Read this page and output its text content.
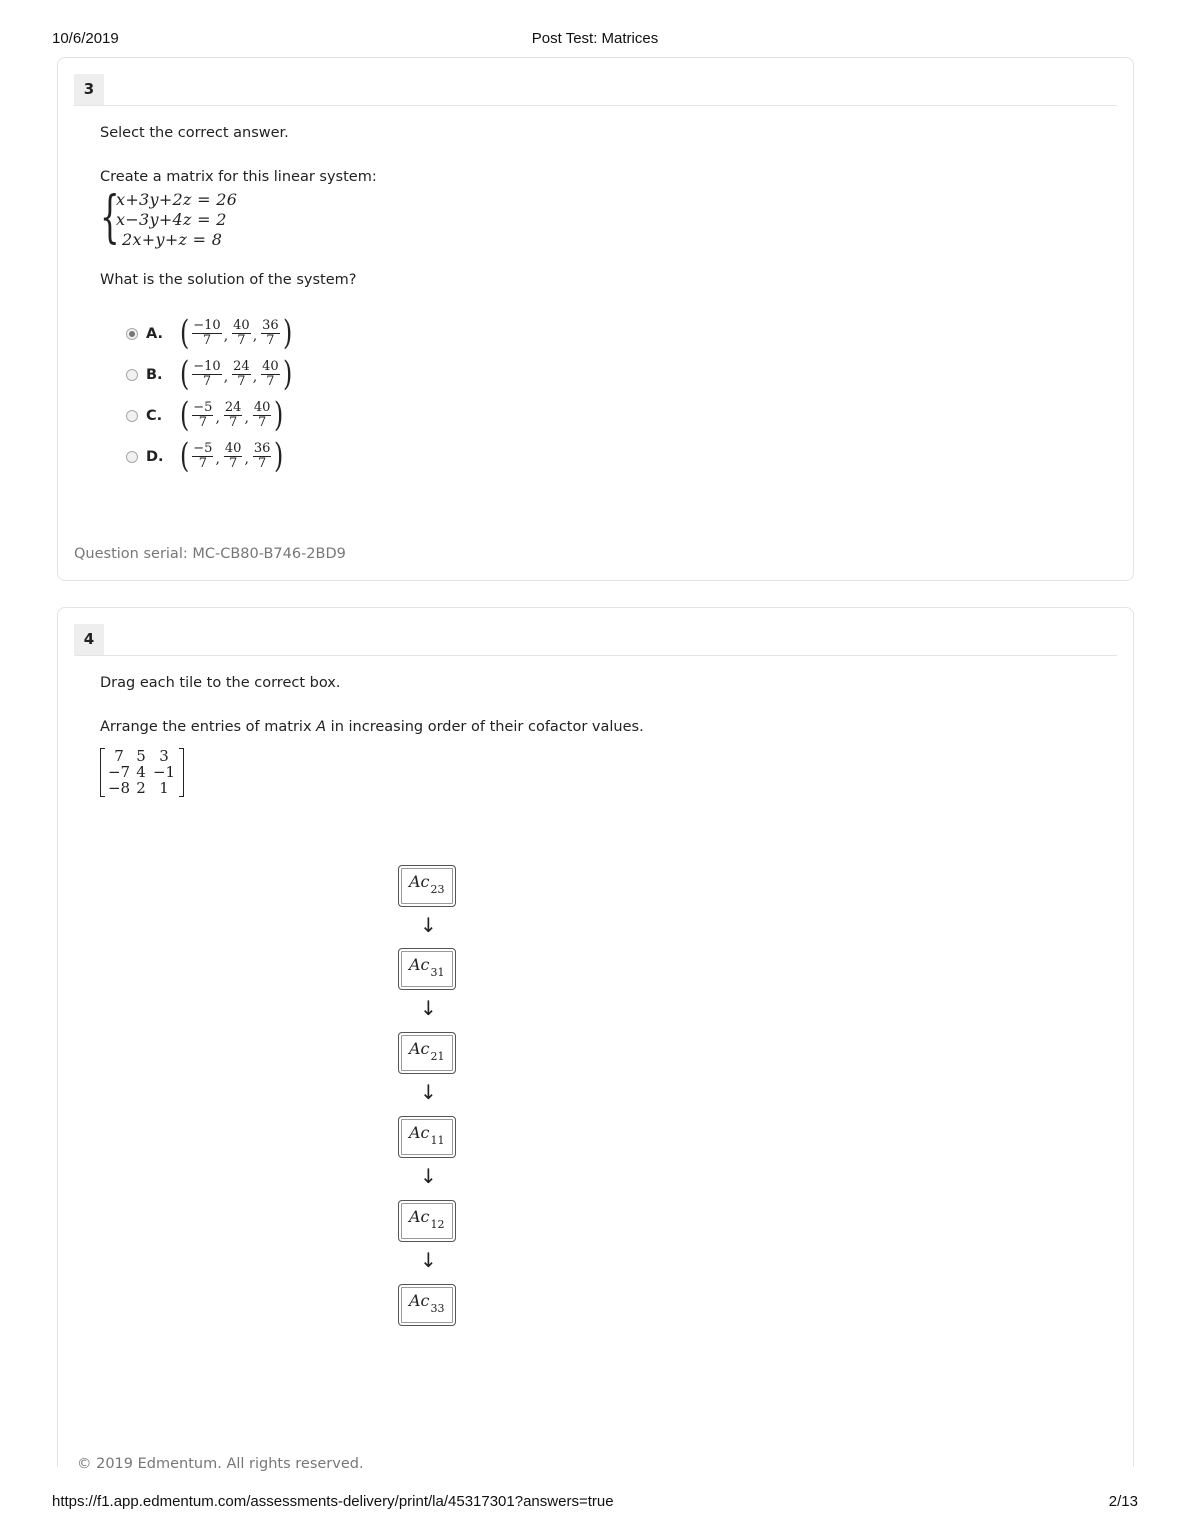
10/6/2019	Post Test: Matrices
3
Select the correct answer.
Create a matrix for this linear system:
{
x+3y+2z = 26
x−3y+4z = 2
2x+y+z = 8
What is the solution of the system?
A. ( $\frac{-10}{7}$ , $\frac{40}{7}$ , $\frac{36}{7}$ )
B. ( $\frac{-10}{7}$ , $\frac{24}{7}$ , $\frac{40}{7}$ )
C. ( $\frac{-5}{7}$ , $\frac{24}{7}$ , $\frac{40}{7}$ )
D. ( $\frac{-5}{7}$ , $\frac{40}{7}$ , $\frac{36}{7}$ )
Question serial: MC-CB80-B746-2BD9
4
Drag each tile to the correct box.
Arrange the entries of matrix A in increasing order of their cofactor values.
7 5 3
−7 4 −1
−8 2 1
$Ac_{23}$
↓
$Ac_{31}$
↓
$Ac_{21}$
↓
$Ac_{11}$
↓
$Ac_{12}$
↓
$Ac_{33}$
© 2019 Edmentum. All rights reserved.
https://f1.app.edmentum.com/assessments-delivery/print/la/45317301?answers=true	2/13
